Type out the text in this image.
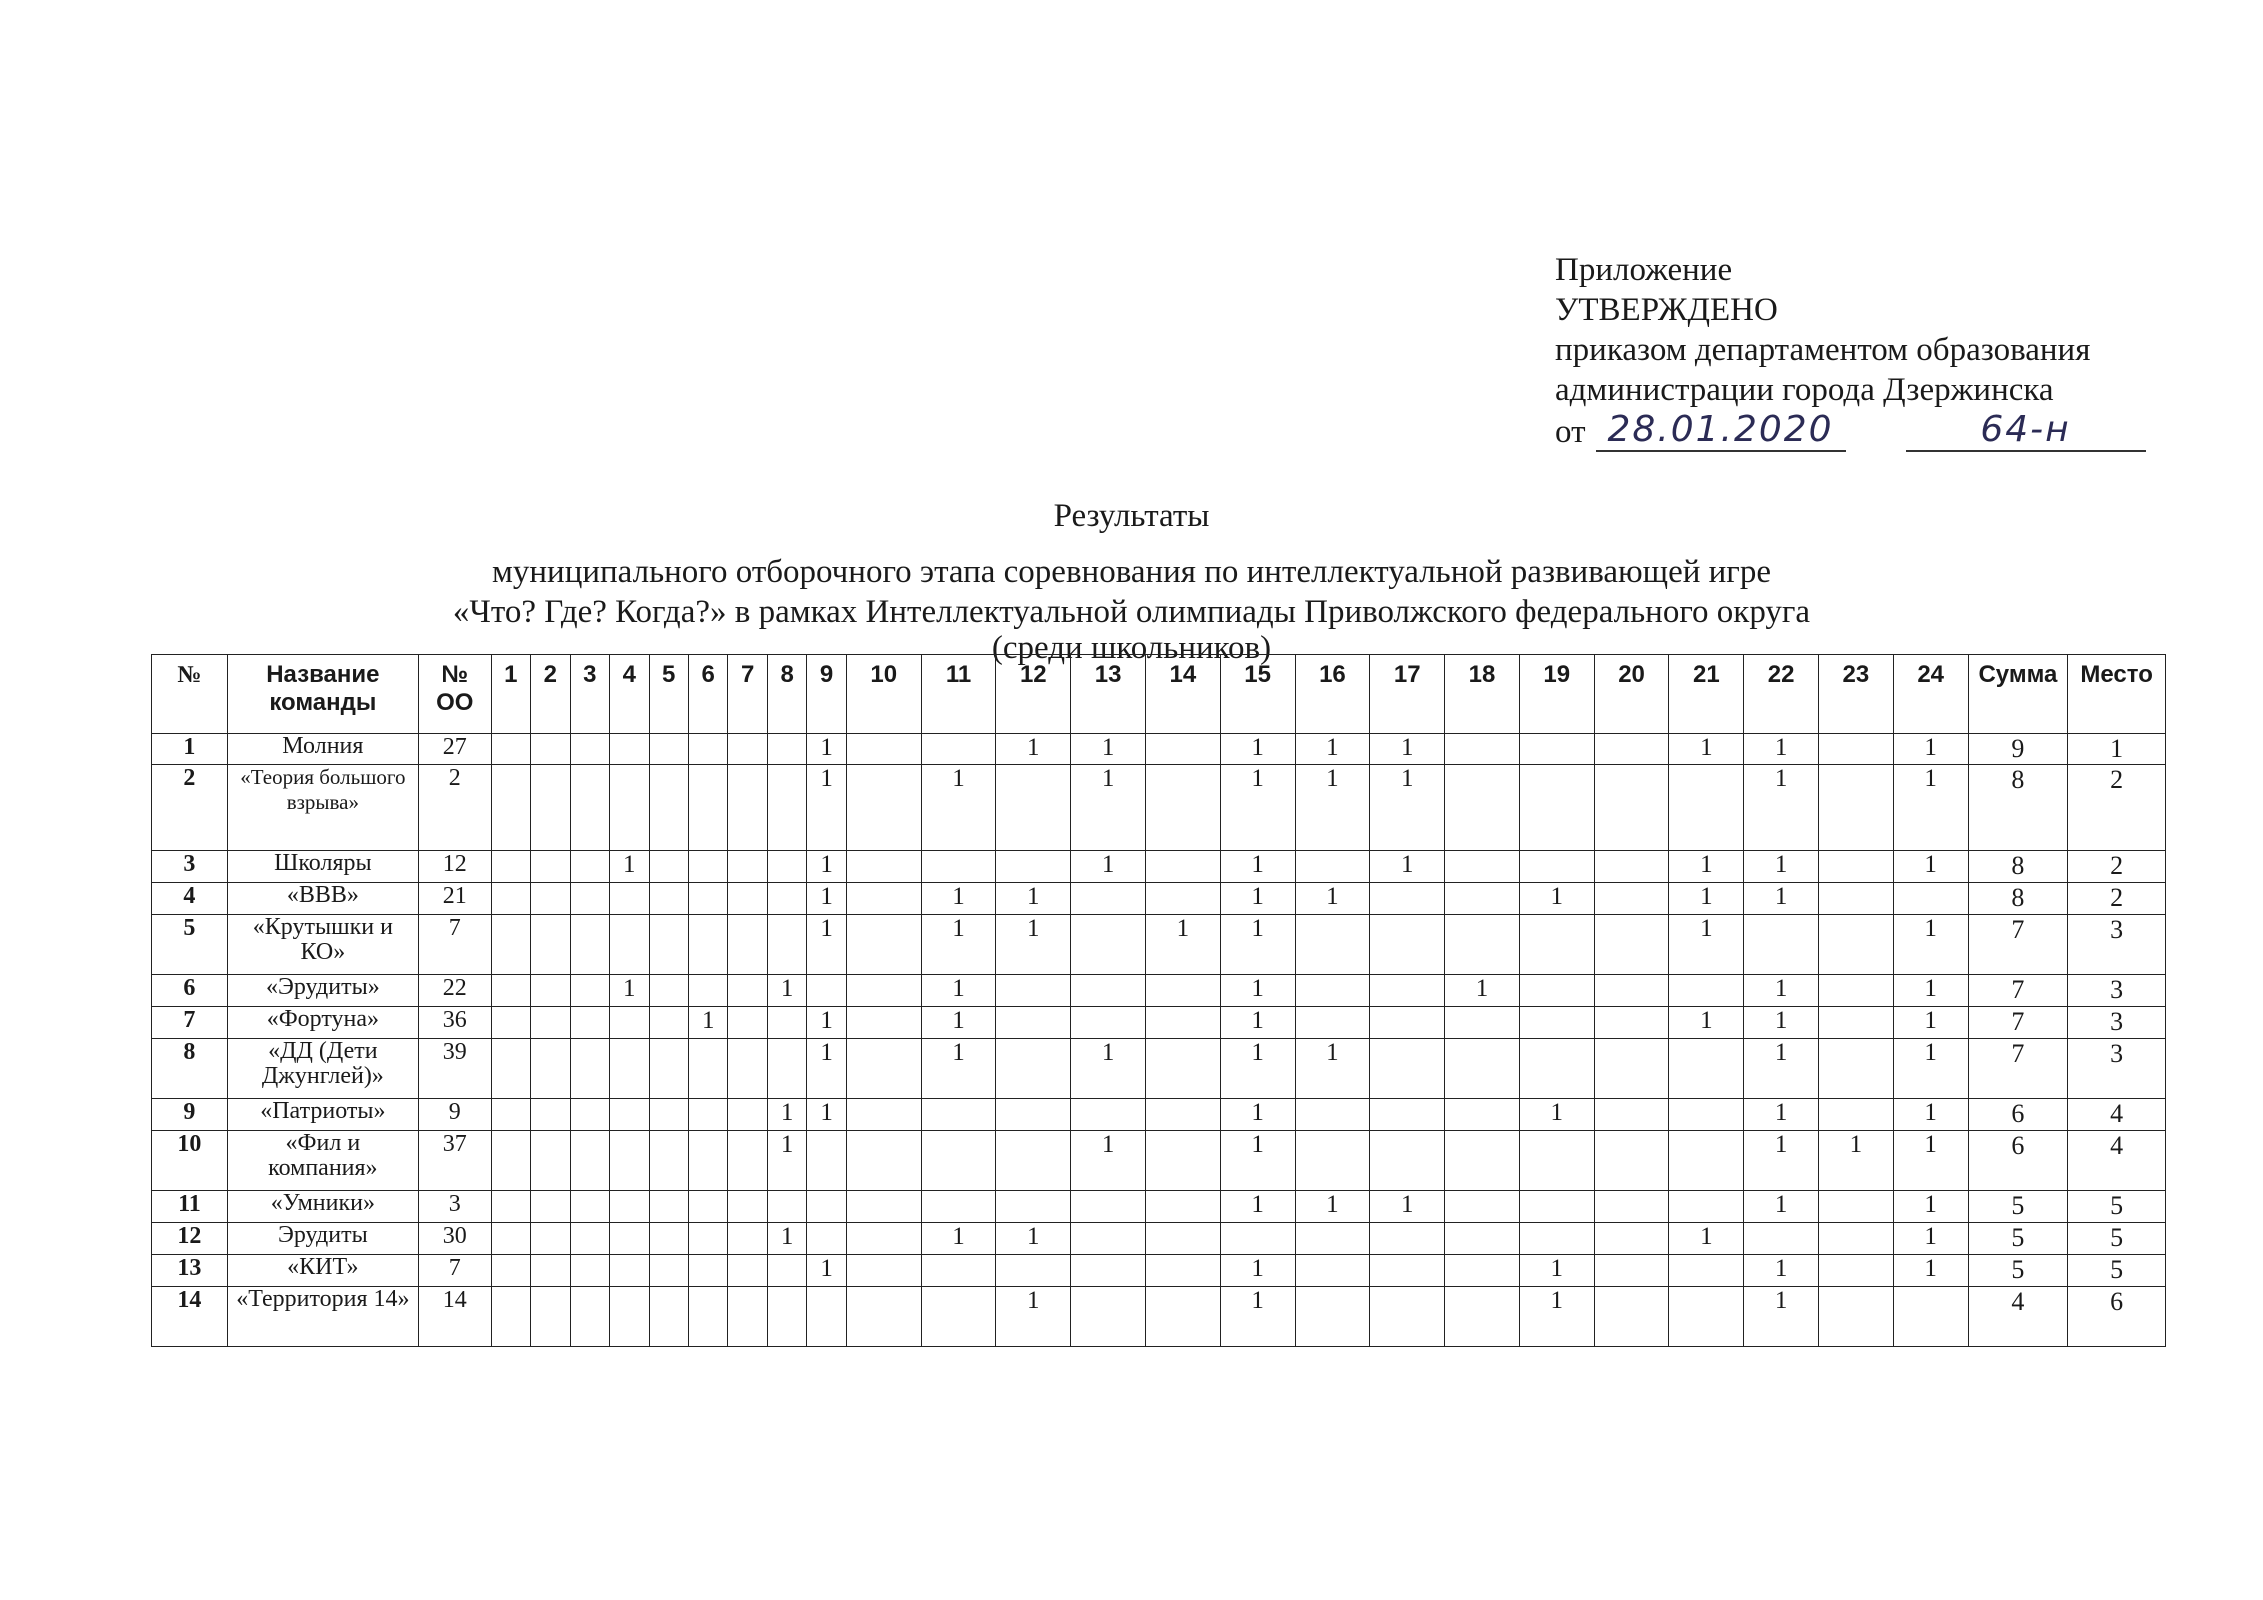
Приложение
УТВЕРЖДЕНО
приказом департаментом образования
администрации города Дзержинска
от 28.01.2020	64-н
Результаты
муниципального отборочного этапа соревнования по интеллектуальной развивающей игре
«Что? Где? Когда?» в рамках Интеллектуальной олимпиады Приволжского федерального округа
(среди школьников)
№	Название команды	№ ОО	1	2	3	4	5	6	7	8	9	10	11	12	13	14	15	16	17	18	19	20	21	22	23	24	Сумма	Место
1	Молния	27									1			1	1		1	1	1				1	1		1	9	1
2	«Теория большого взрыва»	2									1		1		1		1	1	1					1		1	8	2
3	Школяры	12				1					1				1		1		1				1	1		1	8	2
4	«ВВВ»	21									1		1	1			1	1			1		1	1			8	2
5	«Крутышки и КО»	7									1		1	1		1	1						1			1	7	3
6	«Эрудиты»	22				1				1			1				1			1				1		1	7	3
7	«Фортуна»	36						1			1		1				1						1	1		1	7	3
8	«ДД (Дети Джунглей)»	39									1		1		1		1	1						1		1	7	3
9	«Патриоты»	9								1	1						1				1			1		1	6	4
10	«Фил и компания»	37								1					1		1							1	1	1	6	4
11	«Умники»	3															1	1	1					1		1	5	5
12	Эрудиты	30								1			1	1									1			1	5	5
13	«КИТ»	7									1						1				1			1		1	5	5
14	«Территория 14»	14												1			1				1			1			4	6
